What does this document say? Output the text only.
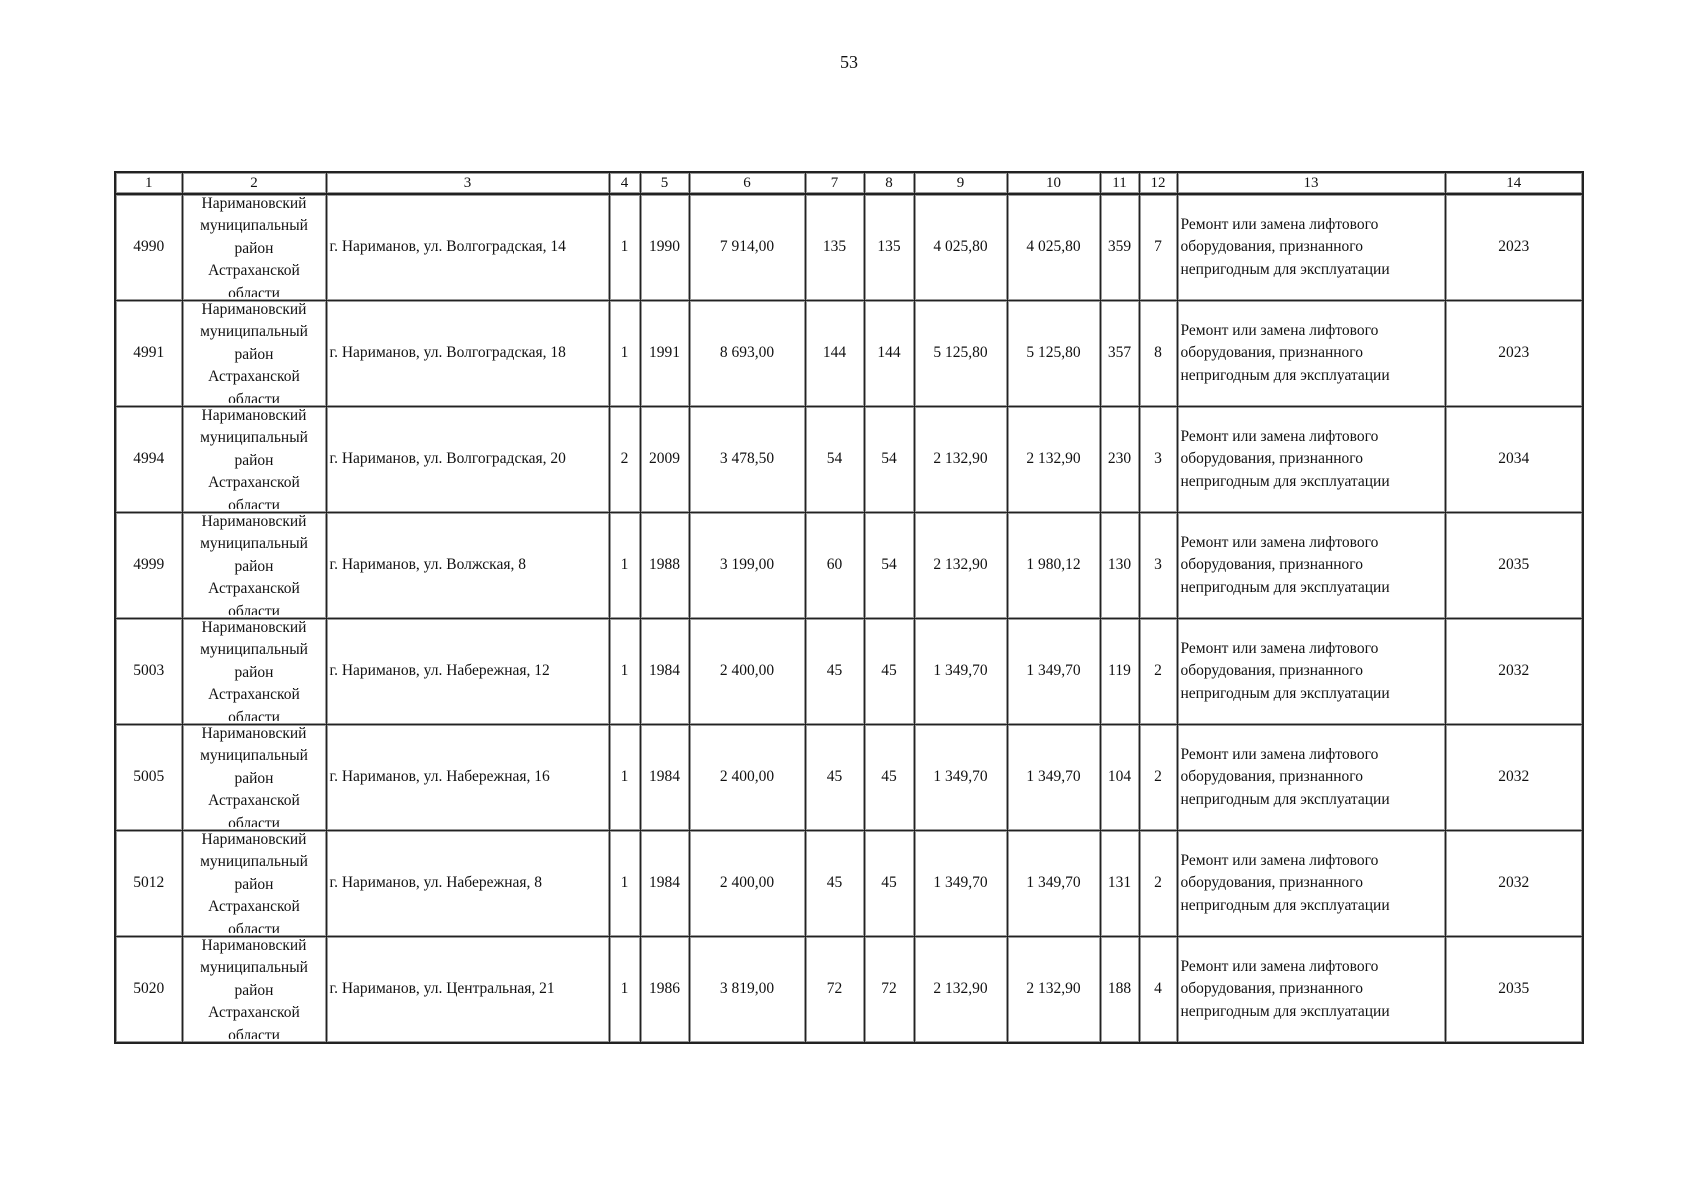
53
1	2	3	4	5	6	7	8	9	10	11	12	13	14
4990	Наримановский
муниципальный
район
Астраханской
области	г. Нариманов, ул. Волгоградская, 14	1	1990	7 914,00	135	135	4 025,80	4 025,80	359	7	Ремонт или замена лифтового
оборудования, признанного
непригодным для эксплуатации	2023
4991	Наримановский
муниципальный
район
Астраханской
области	г. Нариманов, ул. Волгоградская, 18	1	1991	8 693,00	144	144	5 125,80	5 125,80	357	8	Ремонт или замена лифтового
оборудования, признанного
непригодным для эксплуатации	2023
4994	Наримановский
муниципальный
район
Астраханской
области	г. Нариманов, ул. Волгоградская, 20	2	2009	3 478,50	54	54	2 132,90	2 132,90	230	3	Ремонт или замена лифтового
оборудования, признанного
непригодным для эксплуатации	2034
4999	Наримановский
муниципальный
район
Астраханской
области	г. Нариманов, ул. Волжская, 8	1	1988	3 199,00	60	54	2 132,90	1 980,12	130	3	Ремонт или замена лифтового
оборудования, признанного
непригодным для эксплуатации	2035
5003	Наримановский
муниципальный
район
Астраханской
области	г. Нариманов, ул. Набережная, 12	1	1984	2 400,00	45	45	1 349,70	1 349,70	119	2	Ремонт или замена лифтового
оборудования, признанного
непригодным для эксплуатации	2032
5005	Наримановский
муниципальный
район
Астраханской
области	г. Нариманов, ул. Набережная, 16	1	1984	2 400,00	45	45	1 349,70	1 349,70	104	2	Ремонт или замена лифтового
оборудования, признанного
непригодным для эксплуатации	2032
5012	Наримановский
муниципальный
район
Астраханской
области	г. Нариманов, ул. Набережная, 8	1	1984	2 400,00	45	45	1 349,70	1 349,70	131	2	Ремонт или замена лифтового
оборудования, признанного
непригодным для эксплуатации	2032
5020	Наримановский
муниципальный
район
Астраханской
области	г. Нариманов, ул. Центральная, 21	1	1986	3 819,00	72	72	2 132,90	2 132,90	188	4	Ремонт или замена лифтового
оборудования, признанного
непригодным для эксплуатации	2035
